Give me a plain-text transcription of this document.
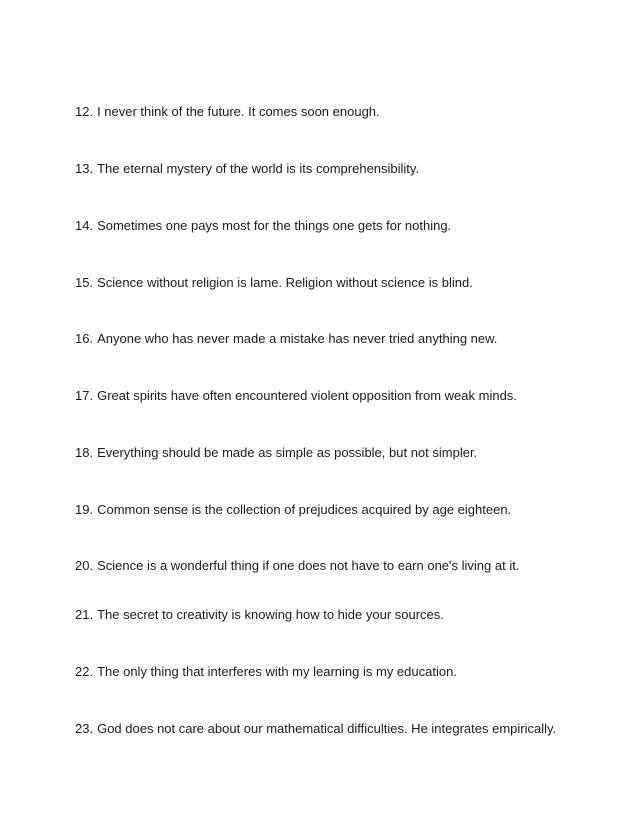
12. I never think of the future. It comes soon enough.

13. The eternal mystery of the world is its comprehensibility.

14. Sometimes one pays most for the things one gets for nothing.

15. Science without religion is lame. Religion without science is blind.

16. Anyone who has never made a mistake has never tried anything new.

17. Great spirits have often encountered violent opposition from weak minds.

18. Everything should be made as simple as possible, but not simpler.

19. Common sense is the collection of prejudices acquired by age eighteen.

20. Science is a wonderful thing if one does not have to earn one's living at it.

21. The secret to creativity is knowing how to hide your sources.

22. The only thing that interferes with my learning is my education.

23. God does not care about our mathematical difficulties. He integrates empirically.
